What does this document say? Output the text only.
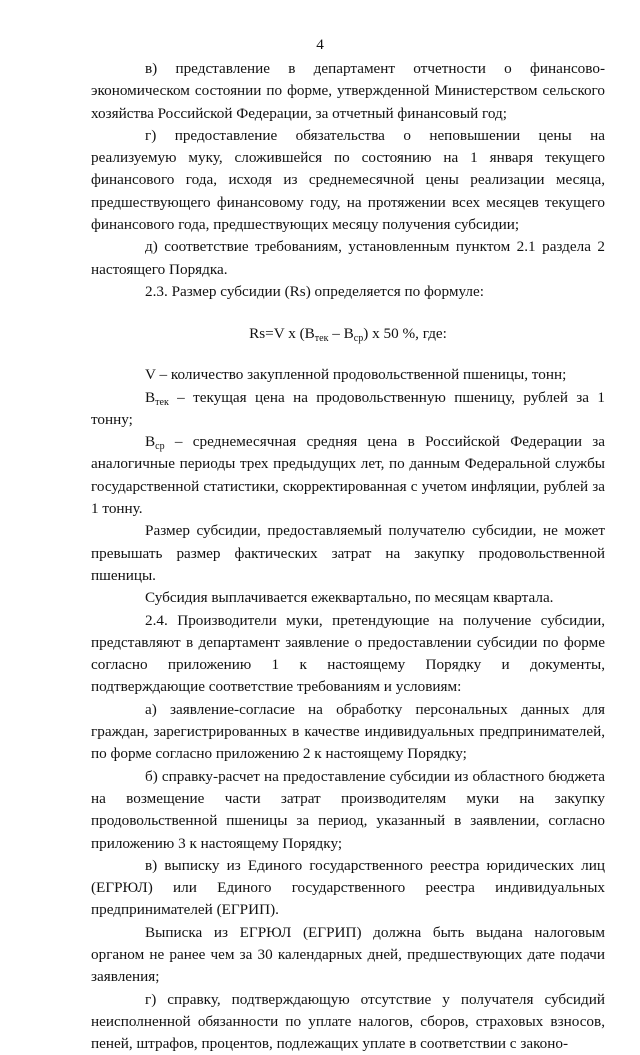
4

в) представление в департамент отчетности о финансово-экономическом состоянии по форме, утвержденной Министерством сельского хозяйства Российской Федерации, за отчетный финансовый год;

г) предоставление обязательства о неповышении цены на реализуемую муку, сложившейся по состоянию на 1 января текущего финансового года, исходя из среднемесячной цены реализации месяца, предшествующего финансовому году, на протяжении всех месяцев текущего финансового года, предшествующих месяцу получения субсидии;

д) соответствие требованиям, установленным пунктом 2.1 раздела 2 настоящего Порядка.

2.3. Размер субсидии (Rs) определяется по формуле:

Rs=V x $(B_{тек} - B_{ср})$ x 50 %, где:

V – количество закупленной продовольственной пшеницы, тонн;

$B_{тек}$ – текущая цена на продовольственную пшеницу, рублей за 1 тонну;

$B_{ср}$ – среднемесячная средняя цена в Российской Федерации за аналогичные периоды трех предыдущих лет, по данным Федеральной службы государственной статистики, скорректированная с учетом инфляции, рублей за 1 тонну.

Размер субсидии, предоставляемый получателю субсидии, не может превышать размер фактических затрат на закупку продовольственной пшеницы.

Субсидия выплачивается ежеквартально, по месяцам квартала.

2.4. Производители муки, претендующие на получение субсидии, представляют в департамент заявление о предоставлении субсидии по форме согласно приложению 1 к настоящему Порядку и документы, подтверждающие соответствие требованиям и условиям:

а) заявление-согласие на обработку персональных данных для граждан, зарегистрированных в качестве индивидуальных предпринимателей, по форме согласно приложению 2 к настоящему Порядку;

б) справку-расчет на предоставление субсидии из областного бюджета на возмещение части затрат производителям муки на закупку продовольственной пшеницы за период, указанный в заявлении, согласно приложению 3 к настоящему Порядку;

в) выписку из Единого государственного реестра юридических лиц (ЕГРЮЛ) или Единого государственного реестра индивидуальных предпринимателей (ЕГРИП).

Выписка из ЕГРЮЛ (ЕГРИП) должна быть выдана налоговым органом не ранее чем за 30 календарных дней, предшествующих дате подачи заявления;

г) справку, подтверждающую отсутствие у получателя субсидий неисполненной обязанности по уплате налогов, сборов, страховых взносов, пеней, штрафов, процентов, подлежащих уплате в соответствии с законо-
